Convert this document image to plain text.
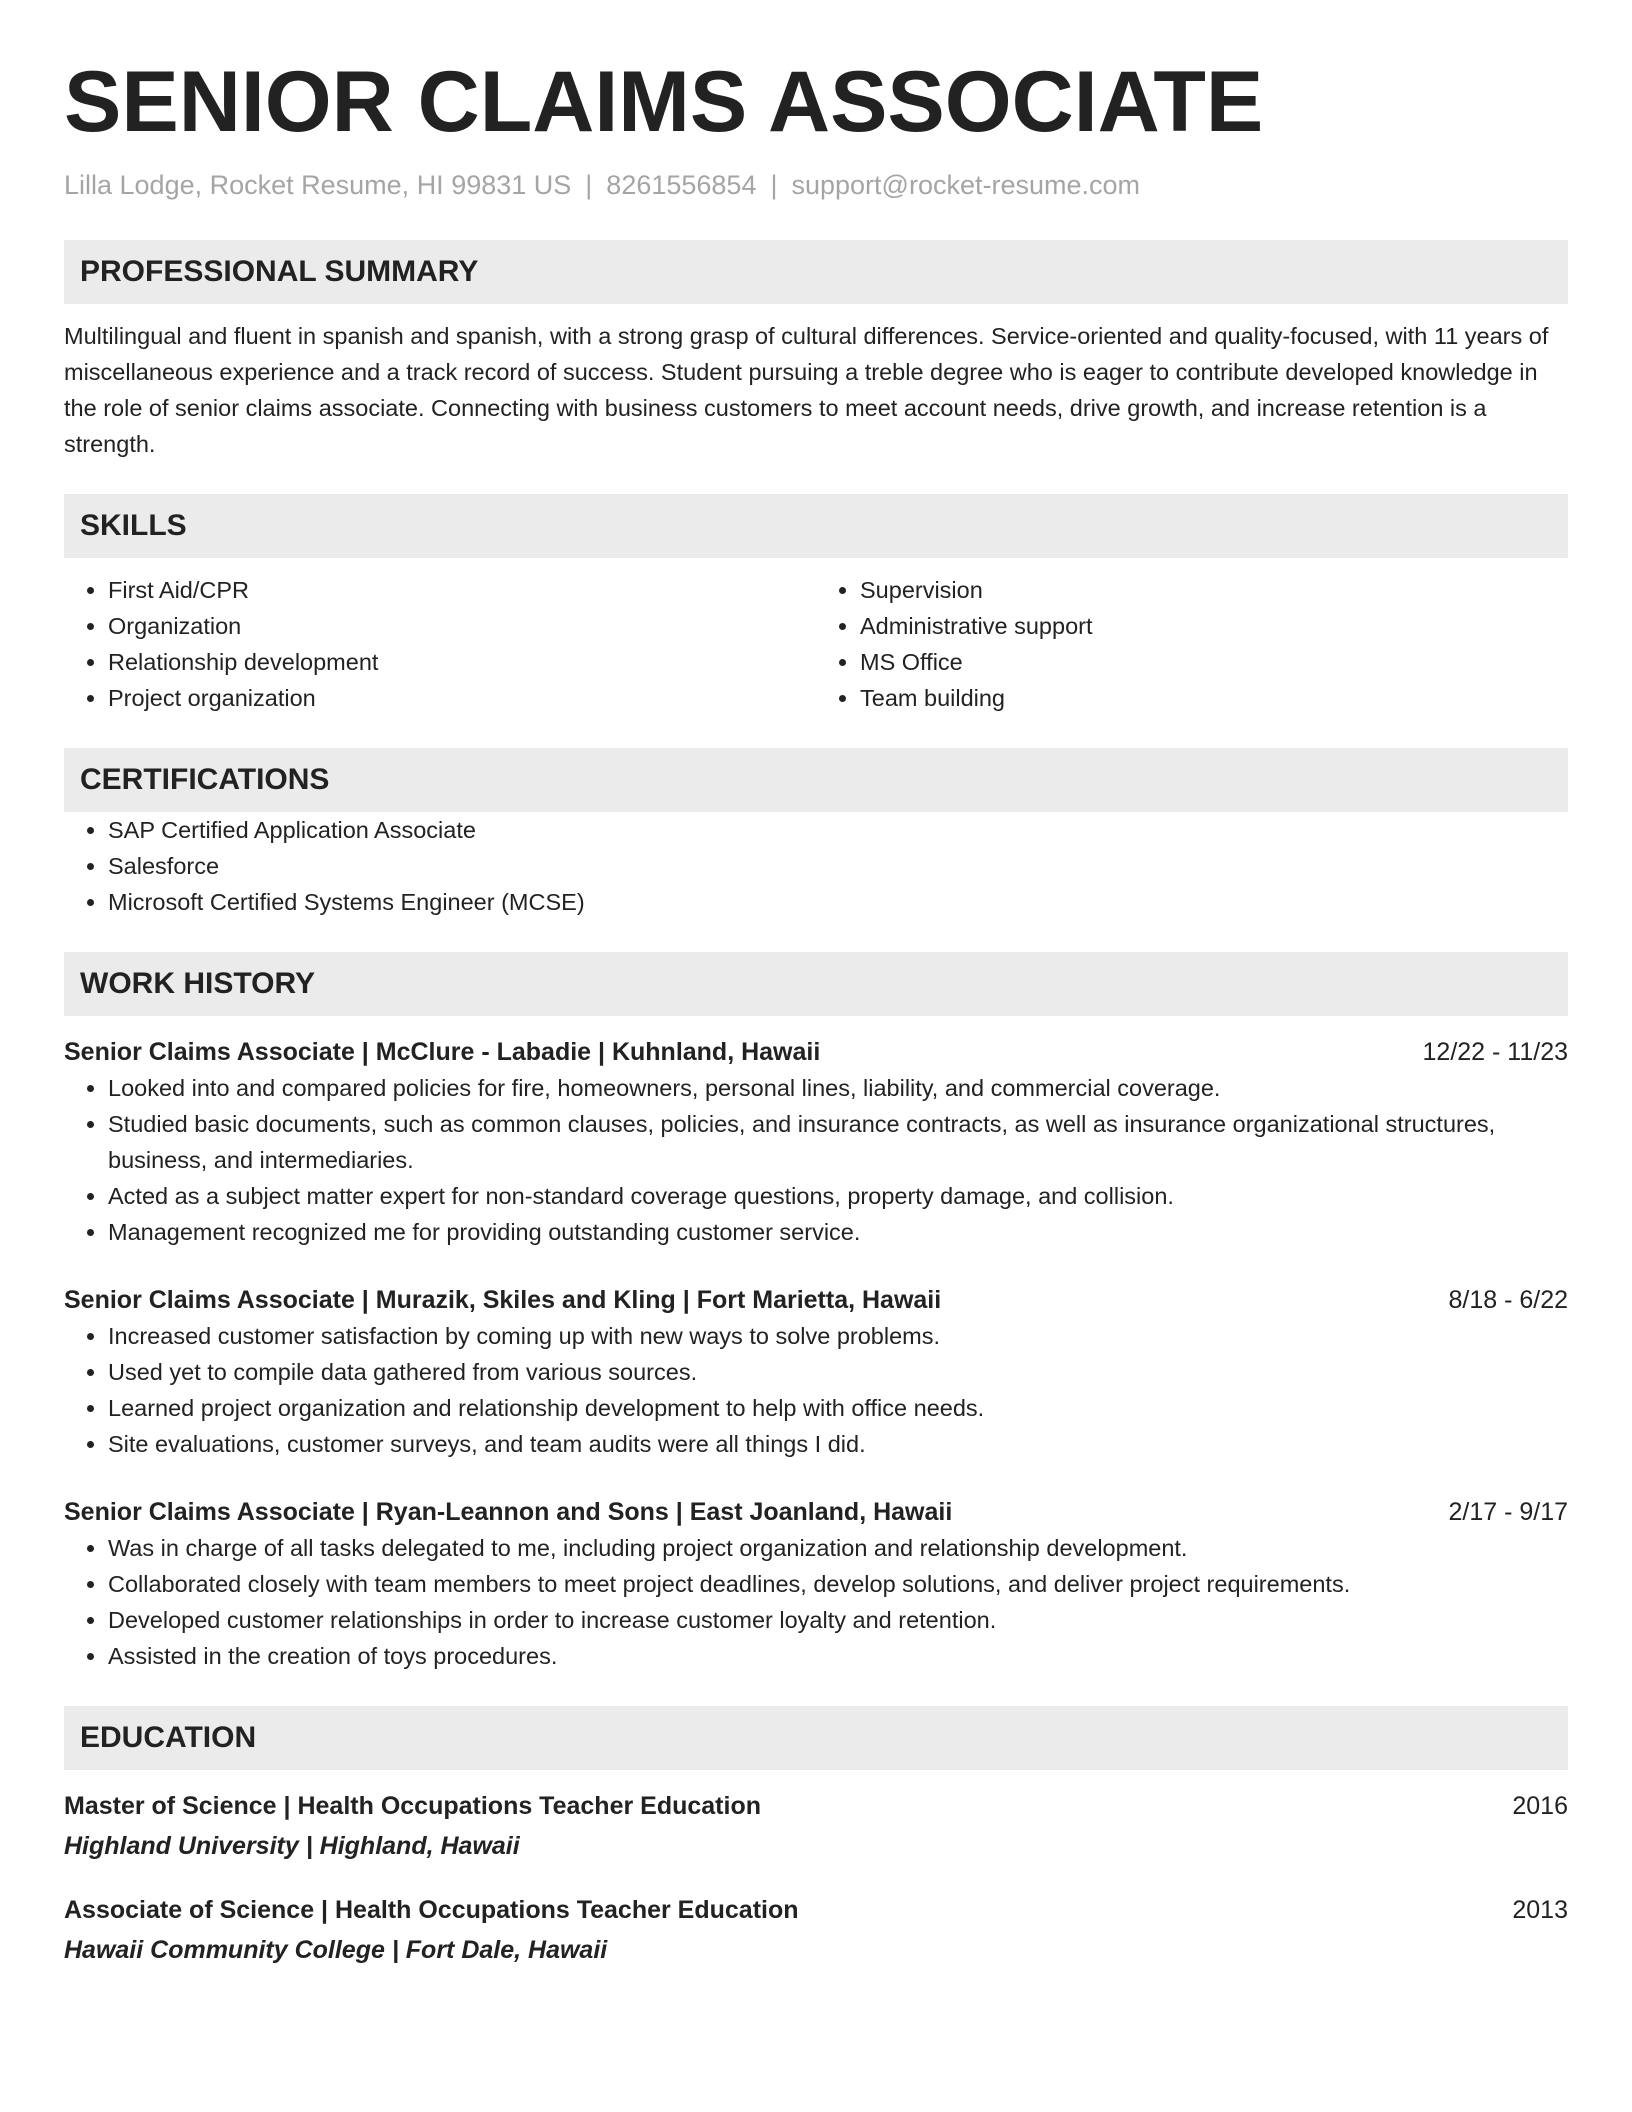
SENIOR CLAIMS ASSOCIATE
Lilla Lodge, Rocket Resume, HI 99831 US | 8261556854 | support@rocket-resume.com
PROFESSIONAL SUMMARY

Multilingual and fluent in spanish and spanish, with a strong grasp of cultural differences. Service-oriented and quality-focused, with 11 years of miscellaneous experience and a track record of success. Student pursuing a treble degree who is eager to contribute developed knowledge in the role of senior claims associate. Connecting with business customers to meet account needs, drive growth, and increase retention is a strength.

SKILLS
• First Aid/CPR
• Organization
• Relationship development
• Project organization
• Supervision
• Administrative support
• MS Office
• Team building
CERTIFICATIONS
• SAP Certified Application Associate
• Salesforce
• Microsoft Certified Systems Engineer (MCSE)
WORK HISTORY
Senior Claims Associate | McClure - Labadie | Kuhnland, Hawaii	12/22 - 11/23
• Looked into and compared policies for fire, homeowners, personal lines, liability, and commercial coverage.
• Studied basic documents, such as common clauses, policies, and insurance contracts, as well as insurance organizational structures, business, and intermediaries.
• Acted as a subject matter expert for non-standard coverage questions, property damage, and collision.
• Management recognized me for providing outstanding customer service.
Senior Claims Associate | Murazik, Skiles and Kling | Fort Marietta, Hawaii	8/18 - 6/22
• Increased customer satisfaction by coming up with new ways to solve problems.
• Used yet to compile data gathered from various sources.
• Learned project organization and relationship development to help with office needs.
• Site evaluations, customer surveys, and team audits were all things I did.
Senior Claims Associate | Ryan-Leannon and Sons | East Joanland, Hawaii	2/17 - 9/17
• Was in charge of all tasks delegated to me, including project organization and relationship development.
• Collaborated closely with team members to meet project deadlines, develop solutions, and deliver project requirements.
• Developed customer relationships in order to increase customer loyalty and retention.
• Assisted in the creation of toys procedures.
EDUCATION
Master of Science | Health Occupations Teacher Education	2016
Highland University | Highland, Hawaii
Associate of Science | Health Occupations Teacher Education	2013
Hawaii Community College | Fort Dale, Hawaii
